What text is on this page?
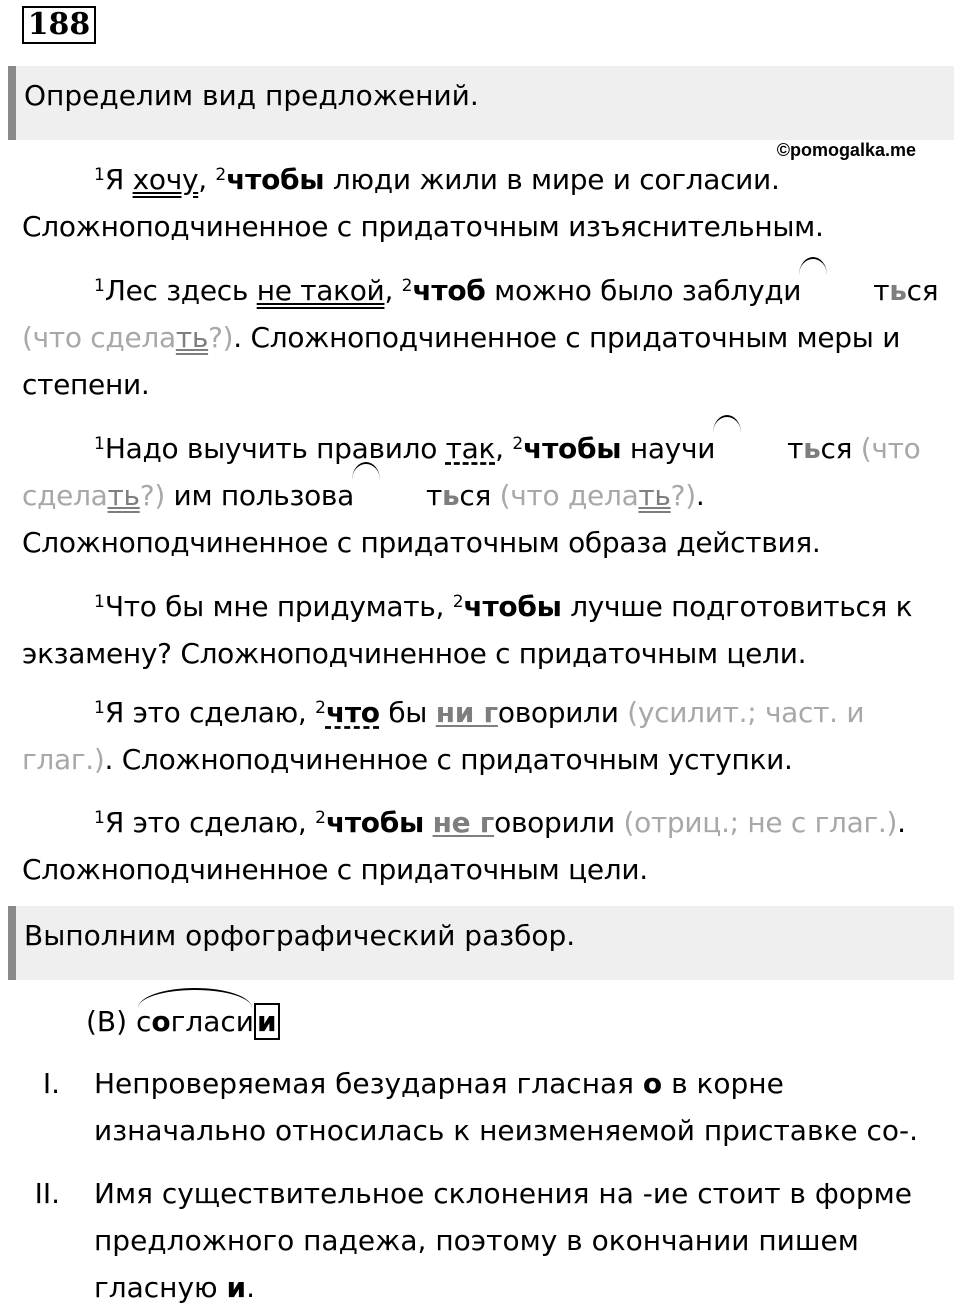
188
Определим вид предложений.
©pomogalka.me
$^1$Я хочу, $^2$чтобы люди жили в мире и согласии. Сложноподчиненное с придаточным изъяснительным.
$^1$Лес здесь не такой, $^2$чтоб можно было заблуди	ться (что сделать?). Сложноподчиненное с придаточным меры и степени.
$^1$Надо выучить правило так, $^2$чтобы научи	ться (что сделать?) им пользова	ться (что делать?). Сложноподчиненное с придаточным образа действия.
$^1$Что бы мне придумать, $^2$чтобы лучше подготовиться к экзамену? Сложноподчиненное с придаточным цели.
$^1$Я это сделаю, $^2$что бы ни говорили (усилит.; част. и глаг.). Сложноподчиненное с придаточным уступки.
$^1$Я это сделаю, $^2$чтобы не говорили (отриц.; не с глаг.). Сложноподчиненное с придаточным цели.
Выполним орфографический разбор.
(В) согласи и
I. Непроверяемая безударная гласная о в корне изначально относилась к неизменяемой приставке со-.
II. Имя существительное склонения на -ие стоит в форме предложного падежа, поэтому в окончании пишем гласную и.
